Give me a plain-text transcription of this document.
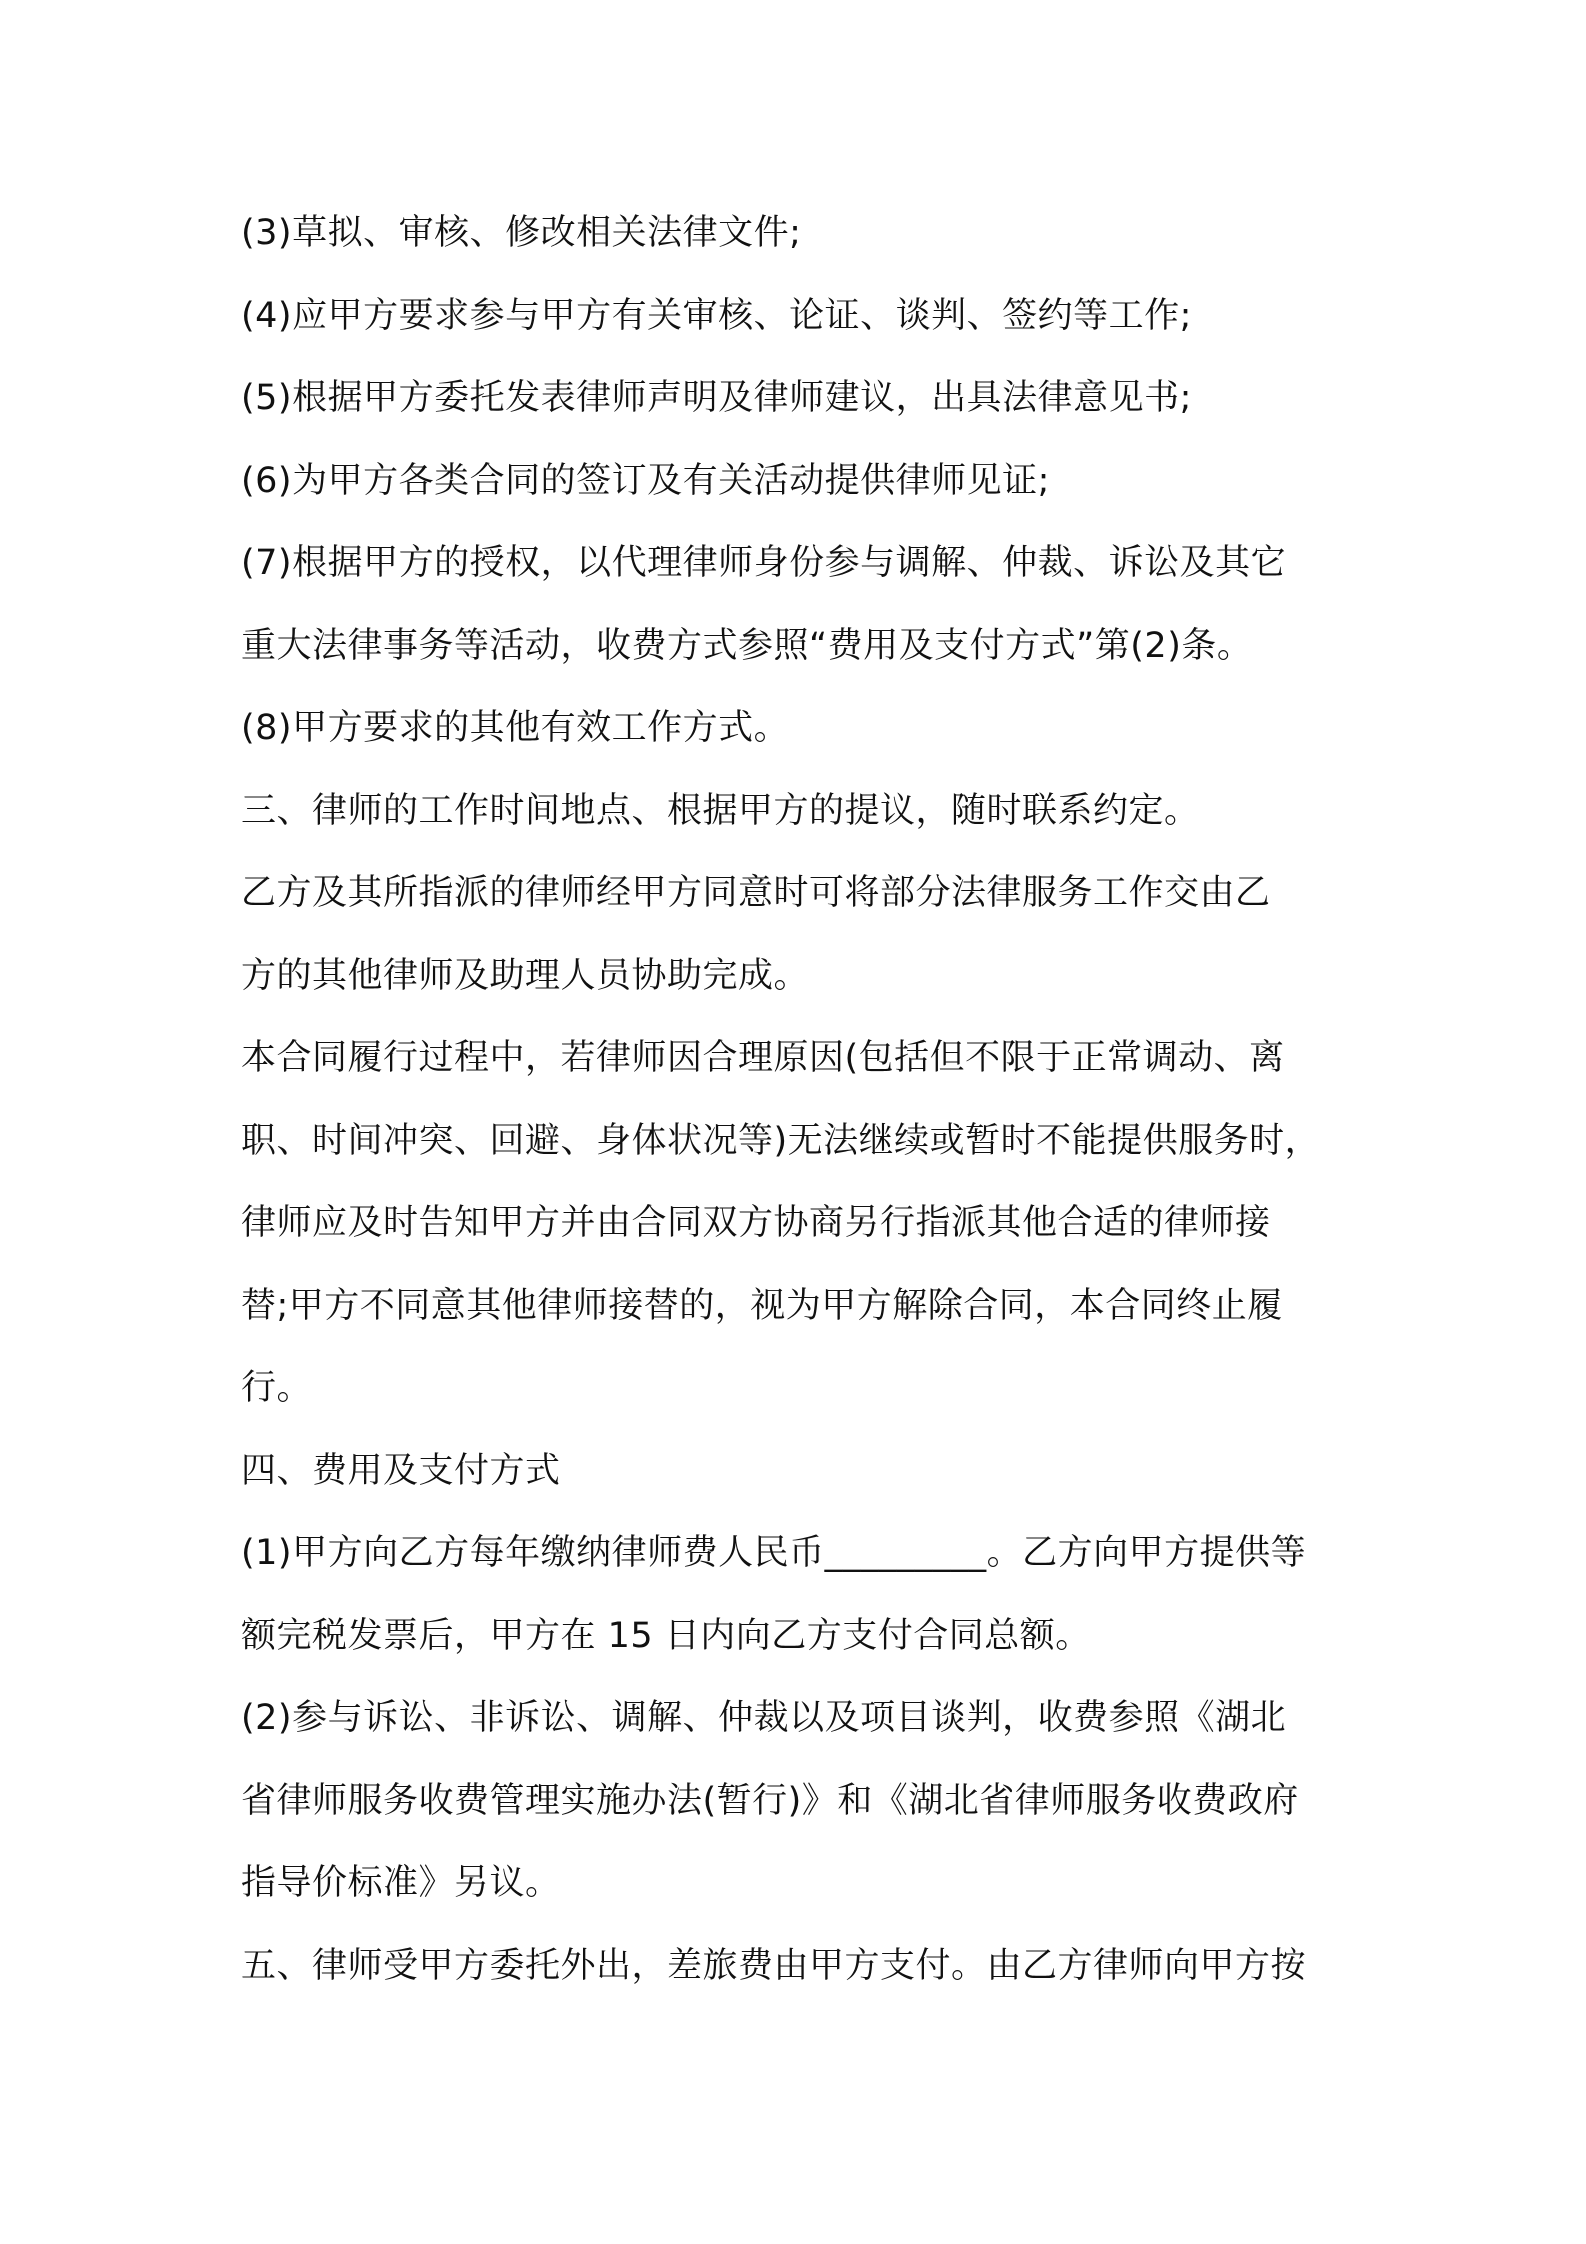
(3)草拟、审核、修改相关法律文件;

(4)应甲方要求参与甲方有关审核、论证、谈判、签约等工作;

(5)根据甲方委托发表律师声明及律师建议，出具法律意见书;

(6)为甲方各类合同的签订及有关活动提供律师见证;

(7)根据甲方的授权，以代理律师身份参与调解、仲裁、诉讼及其它

重大法律事务等活动，收费方式参照“费用及支付方式”第(2)条。

(8)甲方要求的其他有效工作方式。

三、律师的工作时间地点、根据甲方的提议，随时联系约定。

乙方及其所指派的律师经甲方同意时可将部分法律服务工作交由乙

方的其他律师及助理人员协助完成。

本合同履行过程中，若律师因合理原因(包括但不限于正常调动、离

职、时间冲突、回避、身体状况等)无法继续或暂时不能提供服务时，

律师应及时告知甲方并由合同双方协商另行指派其他合适的律师接

替;甲方不同意其他律师接替的，视为甲方解除合同，本合同终止履

行。

四、费用及支付方式

(1)甲方向乙方每年缴纳律师费人民币_________。乙方向甲方提供等

额完税发票后，甲方在 15 日内向乙方支付合同总额。

(2)参与诉讼、非诉讼、调解、仲裁以及项目谈判，收费参照《湖北

省律师服务收费管理实施办法(暂行)》和《湖北省律师服务收费政府

指导价标准》另议。

五、律师受甲方委托外出，差旅费由甲方支付。由乙方律师向甲方按
